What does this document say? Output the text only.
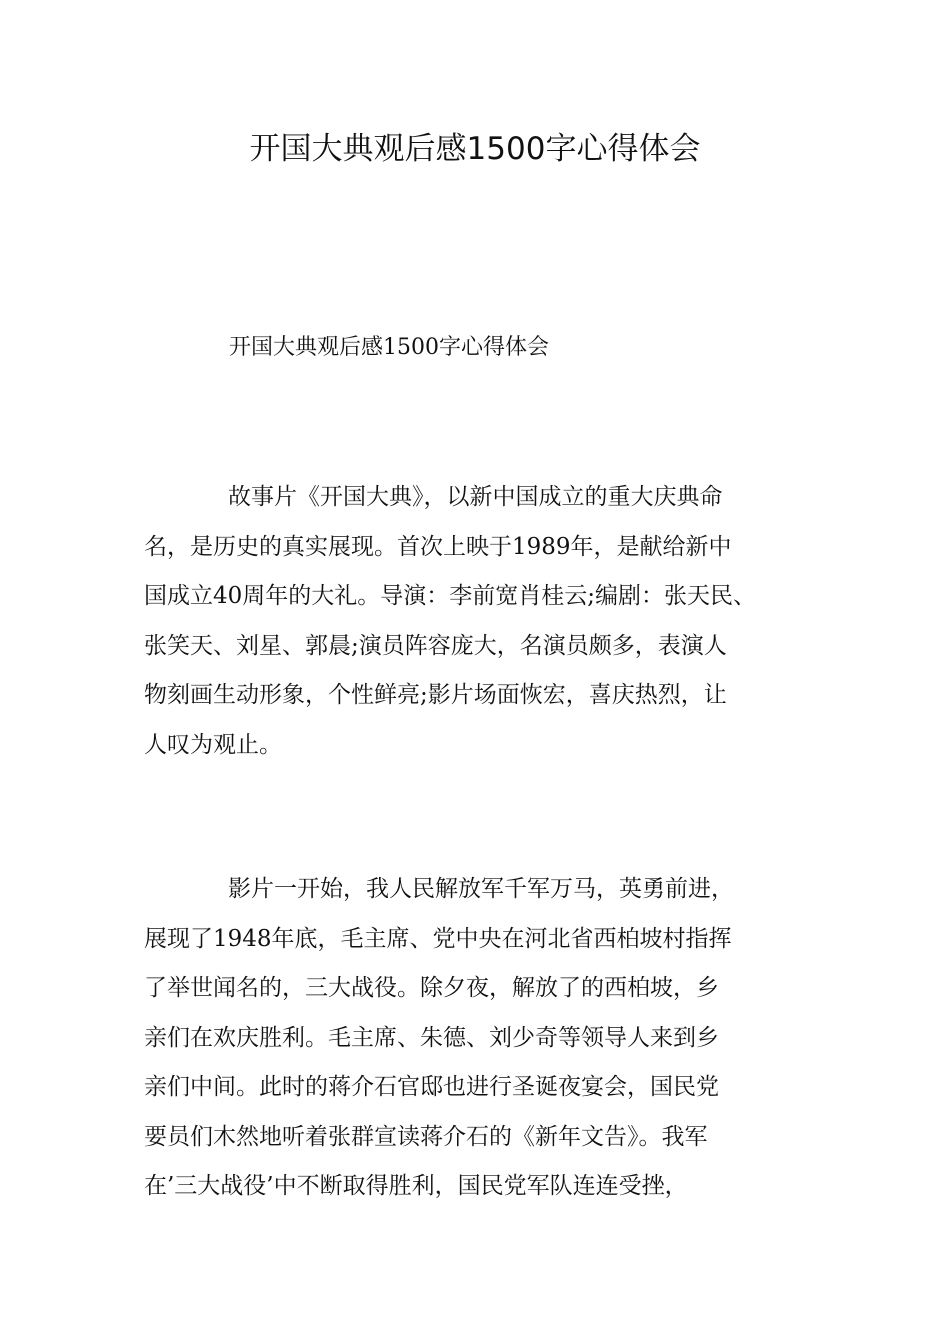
开国大典观后感1500字心得体会
开国大典观后感1500字心得体会
故事片《开国大典》，以新中国成立的重大庆典命
名，是历史的真实展现。首次上映于1989年，是献给新中
国成立40周年的大礼。导演：李前宽肖桂云;编剧：张天民、
张笑天、刘星、郭晨;演员阵容庞大，名演员颇多，表演人
物刻画生动形象，个性鲜亮;影片场面恢宏，喜庆热烈，让
人叹为观止。
影片一开始，我人民解放军千军万马，英勇前进，
展现了1948年底，毛主席、党中央在河北省西柏坡村指挥
了举世闻名的，三大战役。除夕夜，解放了的西柏坡，乡
亲们在欢庆胜利。毛主席、朱德、刘少奇等领导人来到乡
亲们中间。此时的蒋介石官邸也进行圣诞夜宴会，国民党
要员们木然地听着张群宣读蒋介石的《新年文告》。我军
在’三大战役’中不断取得胜利，国民党军队连连受挫，
